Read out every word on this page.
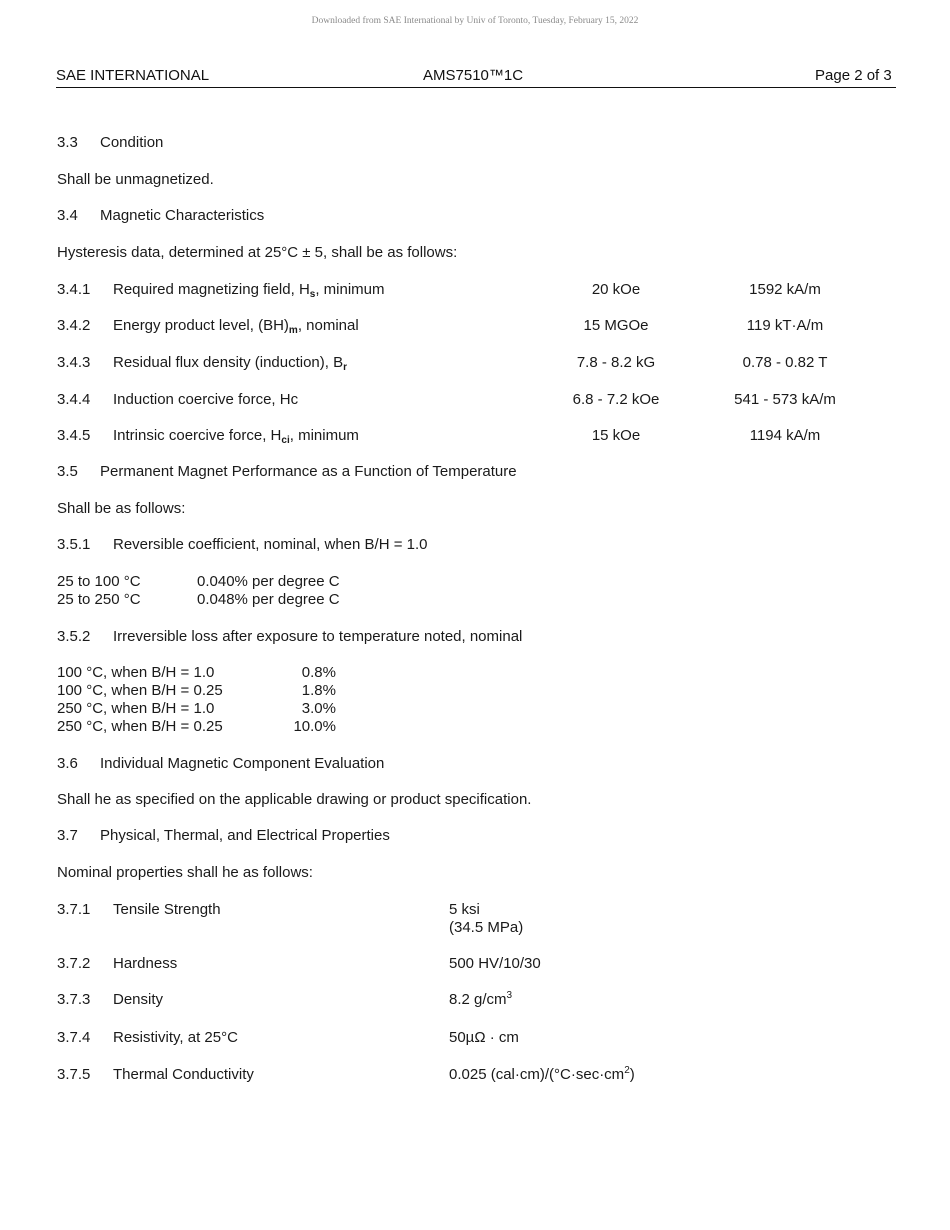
Downloaded from SAE International by Univ of Toronto, Tuesday, February 15, 2022
SAE INTERNATIONAL	AMS7510™1C	Page 2 of 3
3.3 Condition
Shall be unmagnetized.
3.4 Magnetic Characteristics
Hysteresis data, determined at 25°C ± 5, shall be as follows:
3.4.1 Required magnetizing field, $H_s$, minimum	20 kOe	1592 kA/m
3.4.2 Energy product level, $(BH)_m$, nominal	15 MGOe	119 kT·A/m
3.4.3 Residual flux density (induction), $B_r$	7.8 - 8.2 kG	0.78 - 0.82 T
3.4.4 Induction coercive force, Hc	6.8 - 7.2 kOe	541 - 573 kA/m
3.4.5 Intrinsic coercive force, $H_{ci}$, minimum	15 kOe	1194 kA/m
3.5 Permanent Magnet Performance as a Function of Temperature
Shall be as follows:
3.5.1 Reversible coefficient, nominal, when B/H = 1.0
25 to 100 °C	0.040% per degree C
25 to 250 °C	0.048% per degree C
3.5.2 Irreversible loss after exposure to temperature noted, nominal
100 °C, when B/H = 1.0	0.8%
100 °C, when B/H = 0.25	1.8%
250 °C, when B/H = 1.0	3.0%
250 °C, when B/H = 0.25	10.0%
3.6 Individual Magnetic Component Evaluation
Shall he as specified on the applicable drawing or product specification.
3.7 Physical, Thermal, and Electrical Properties
Nominal properties shall he as follows:
3.7.1 Tensile Strength	5 ksi
(34.5 MPa)
3.7.2 Hardness	500 HV/10/30
3.7.3 Density	8.2 $g/cm^3$
3.7.4 Resistivity, at 25°C	50µΩ · cm
3.7.5 Thermal Conductivity	0.025 $(cal\cdot cm)/(^\circ C\cdot\sec\cdot cm^2)$
